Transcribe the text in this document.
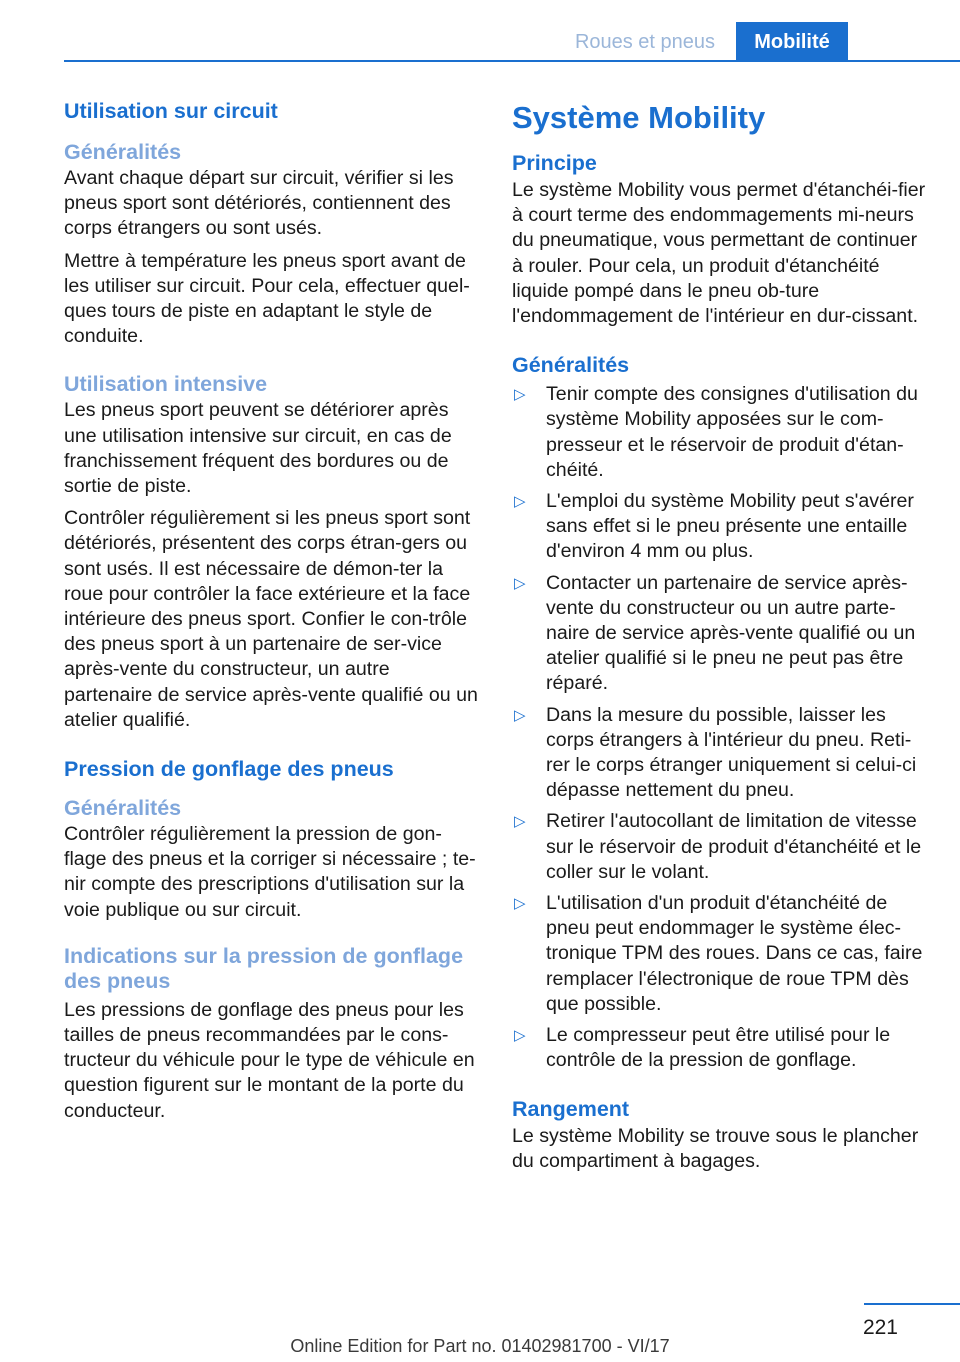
Roues et pneus	Mobilité
Utilisation sur circuit
Généralités

Avant chaque départ sur circuit, vérifier si les pneus sport sont détériorés, contiennent des corps étrangers ou sont usés.

Mettre à température les pneus sport avant de les utiliser sur circuit. Pour cela, effectuer quel-ques tours de piste en adaptant le style de conduite.

Utilisation intensive

Les pneus sport peuvent se détériorer après une utilisation intensive sur circuit, en cas de franchissement fréquent des bordures ou de sortie de piste.

Contrôler régulièrement si les pneus sport sont détériorés, présentent des corps étran-gers ou sont usés. Il est nécessaire de démon-ter la roue pour contrôler la face extérieure et la face intérieure des pneus sport. Confier le con-trôle des pneus sport à un partenaire de ser-vice après-vente du constructeur, un autre partenaire de service après-vente qualifié ou un atelier qualifié.

Pression de gonflage des pneus
Généralités

Contrôler régulièrement la pression de gon-flage des pneus et la corriger si nécessaire ; te-nir compte des prescriptions d'utilisation sur la voie publique ou sur circuit.

Indications sur la pression de gonflage des pneus

Les pressions de gonflage des pneus pour les tailles de pneus recommandées par le cons-tructeur du véhicule pour le type de véhicule en question figurent sur le montant de la porte du conducteur.

Système Mobility
Principe

Le système Mobility vous permet d'étanchéi-fier à court terme des endommagements mi-neurs du pneumatique, vous permettant de continuer à rouler. Pour cela, un produit d'étanchéité liquide pompé dans le pneu ob-ture l'endommagement de l'intérieur en dur-cissant.

Généralités
▷ Tenir compte des consignes d'utilisation du système Mobility apposées sur le com-presseur et le réservoir de produit d'étan-chéité.
▷ L'emploi du système Mobility peut s'avérer sans effet si le pneu présente une entaille d'environ 4 mm ou plus.
▷ Contacter un partenaire de service après-vente du constructeur ou un autre parte-naire de service après-vente qualifié ou un atelier qualifié si le pneu ne peut pas être réparé.
▷ Dans la mesure du possible, laisser les corps étrangers à l'intérieur du pneu. Reti-rer le corps étranger uniquement si celui-ci dépasse nettement du pneu.
▷ Retirer l'autocollant de limitation de vitesse sur le réservoir de produit d'étanchéité et le coller sur le volant.
▷ L'utilisation d'un produit d'étanchéité de pneu peut endommager le système élec-tronique TPM des roues. Dans ce cas, faire remplacer l'électronique de roue TPM dès que possible.
▷ Le compresseur peut être utilisé pour le contrôle de la pression de gonflage.
Rangement

Le système Mobility se trouve sous le plancher du compartiment à bagages.

221
Online Edition for Part no. 01402981700 - VI/17
